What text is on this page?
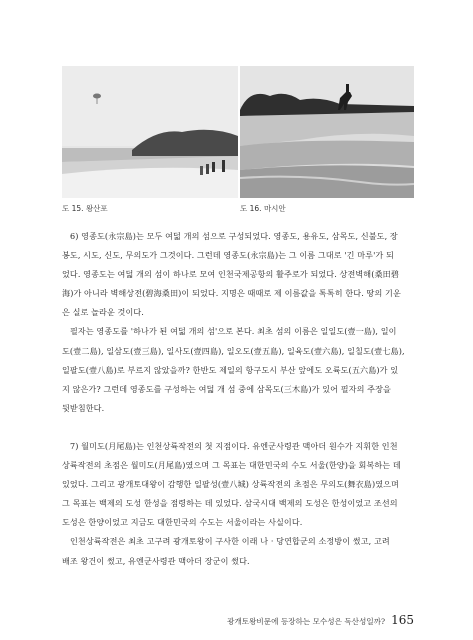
도 15. 왕산포	도 16. 마시안
6) 영종도(永宗島)는 모두 여덟 개의 섬으로 구성되었다. 영종도, 용유도, 삼목도, 신불도, 장
봉도, 시도, 신도, 무의도가 그것이다. 그런데 영종도(永宗島)는 그 이름 그대로 '긴 마루'가 되
었다. 영종도는 여덟 개의 섬이 하나로 모여 인천국제공항의 활주로가 되었다. 상전벽해(桑田碧
海)가 아니라 벽해상전(碧海桑田)이 되었다. 지명은 때때로 제 이름값을 톡톡히 한다. 땅의 기운
은 실로 놀라운 것이다.
필자는 영종도를 '하나가 된 여덟 개의 섬'으로 본다. 최초 섬의 이름은 일일도(壹一島), 일이
도(壹二島), 일삼도(壹三島), 일사도(壹四島), 일오도(壹五島), 일육도(壹六島), 일칠도(壹七島),
일팔도(壹八島)로 부르지 않았을까? 한반도 제일의 항구도시 부산 앞에도 오륙도(五六島)가 있
지 않은가? 그런데 영종도를 구성하는 여덟 개 섬 중에 삼목도(三木島)가 있어 필자의 주장을
뒷받침한다.
7) 월미도(月尾島)는 인천상륙작전의 첫 지점이다. 유엔군사령관 맥아더 원수가 지휘한 인천
상륙작전의 초점은 월미도(月尾島)였으며 그 목표는 대한민국의 수도 서울(한양)을 회복하는 데
있었다. 그리고 광개토대왕이 감행한 일팔성(壹八城) 상륙작전의 초점은 무의도(舞衣島)였으며
그 목표는 백제의 도성 한성을 점령하는 데 있었다. 삼국시대 백제의 도성은 한성이었고 조선의
도성은 한양이었고 지금도 대한민국의 수도는 서울이라는 사실이다.
인천상륙작전은 최초 고구려 광개토왕이 구사한 이래 나 · 당연합군의 소정방이 썼고, 고려
배조 왕건이 썼고, 유엔군사령관 맥아더 장군이 썼다.
광개토왕비문에 등장하는 모수성은 독산성일까? 165
